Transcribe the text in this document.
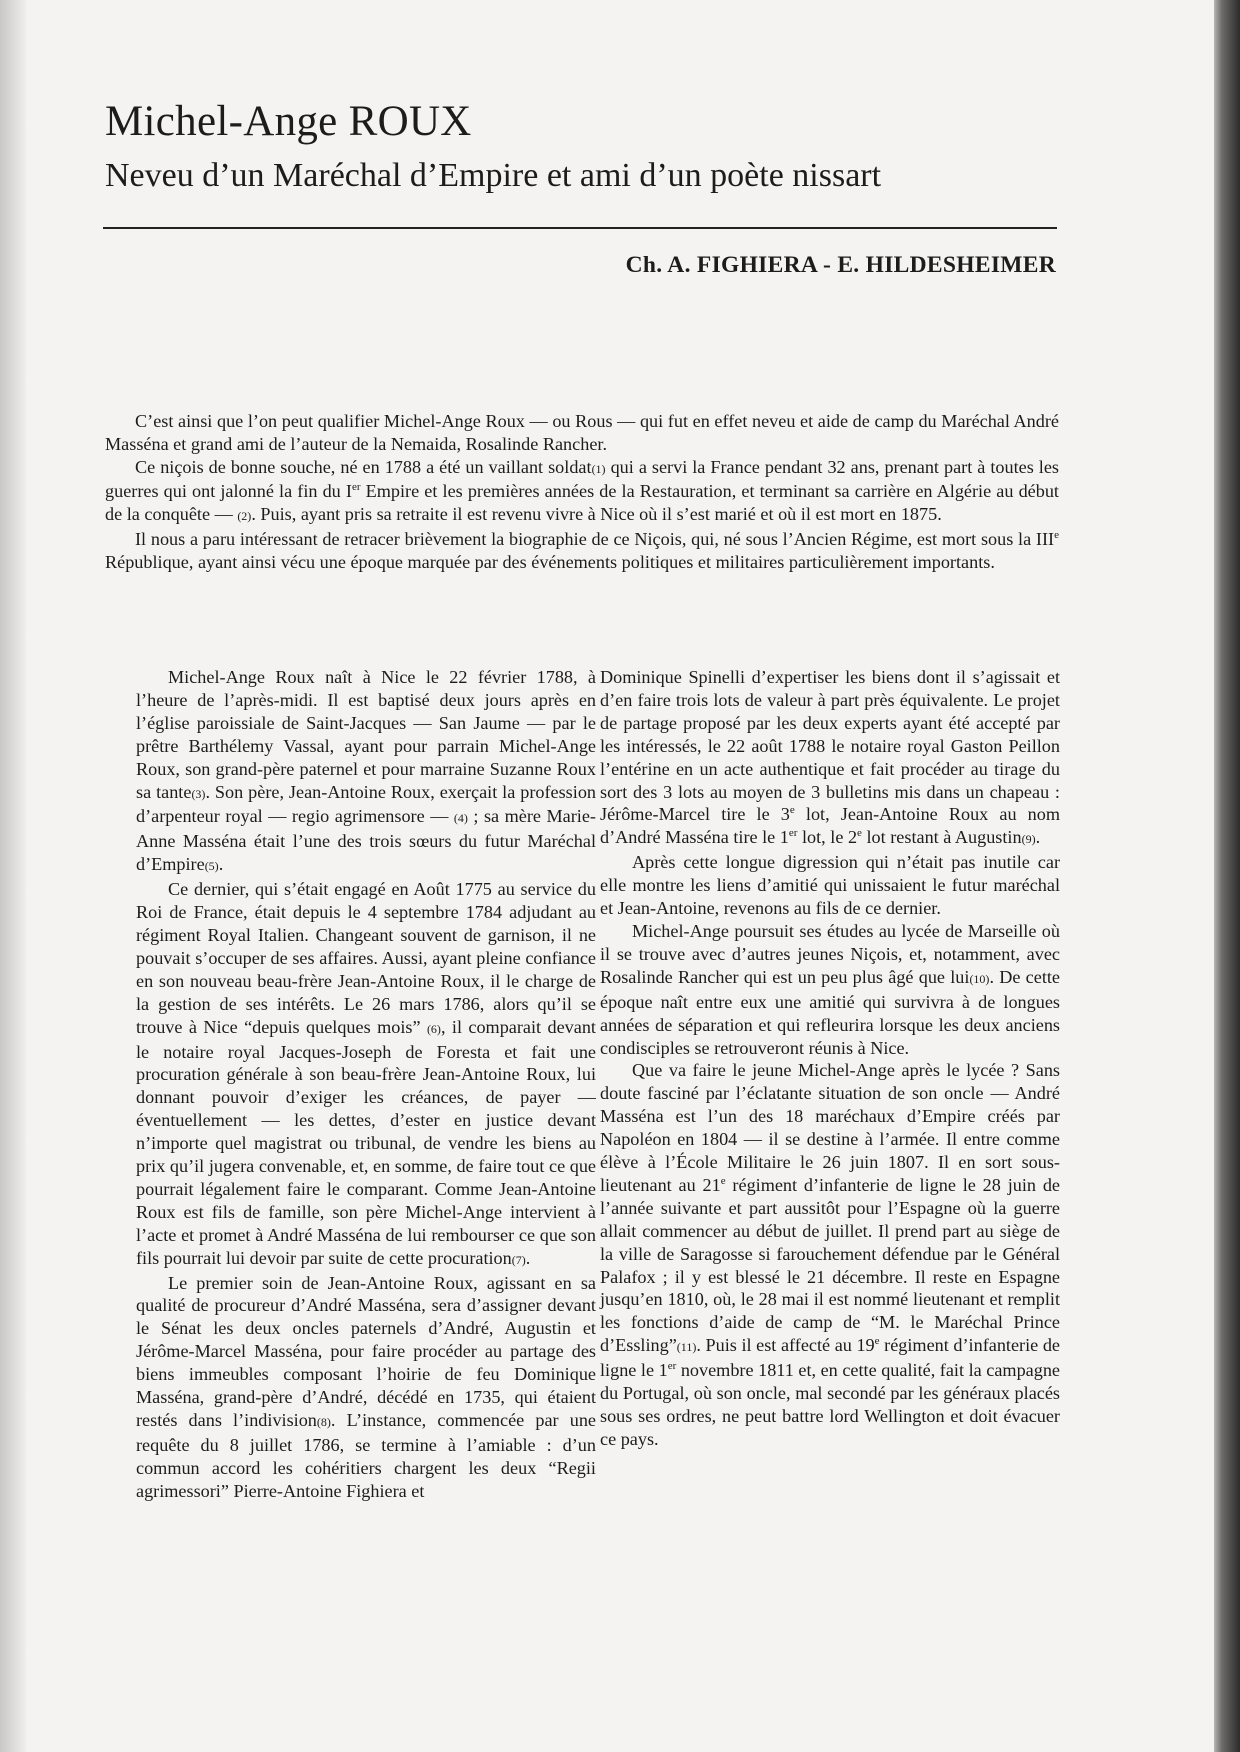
Michel-Ange ROUX
Neveu d’un Maréchal d’Empire et ami d’un poète nissart
Ch. A. FIGHIERA - E. HILDESHEIMER

C’est ainsi que l’on peut qualifier Michel-Ange Roux — ou Rous — qui fut en effet neveu et aide de camp du Maréchal André Masséna et grand ami de l’auteur de la Nemaida, Rosalinde Rancher.

Ce niçois de bonne souche, né en 1788 a été un vaillant soldat(1) qui a servi la France pendant 32 ans, prenant part à toutes les guerres qui ont jalonné la fin du Ier Empire et les premières années de la Restauration, et terminant sa carrière en Algérie au début de la conquête — (2). Puis, ayant pris sa retraite il est revenu vivre à Nice où il s’est marié et où il est mort en 1875.

Il nous a paru intéressant de retracer brièvement la biographie de ce Niçois, qui, né sous l’Ancien Régime, est mort sous la IIIe République, ayant ainsi vécu une époque marquée par des événements politiques et militaires particulièrement importants.

Michel-Ange Roux naît à Nice le 22 février 1788, à l’heure de l’après-midi. Il est baptisé deux jours après en l’église paroissiale de Saint-Jacques — San Jaume — par le prêtre Barthélemy Vassal, ayant pour parrain Michel-Ange Roux, son grand-père paternel et pour marraine Suzanne Roux sa tante(3). Son père, Jean-Antoine Roux, exerçait la profession d’arpenteur royal — regio agrimensore — (4) ; sa mère Marie-Anne Masséna était l’une des trois sœurs du futur Maréchal d’Empire(5).

Ce dernier, qui s’était engagé en Août 1775 au service du Roi de France, était depuis le 4 septembre 1784 adjudant au régiment Royal Italien. Changeant souvent de garnison, il ne pouvait s’occuper de ses affaires. Aussi, ayant pleine confiance en son nouveau beau-frère Jean-Antoine Roux, il le charge de la gestion de ses intérêts. Le 26 mars 1786, alors qu’il se trouve à Nice “depuis quelques mois” (6), il comparait devant le notaire royal Jacques-Joseph de Foresta et fait une procuration générale à son beau-frère Jean-Antoine Roux, lui donnant pouvoir d’exiger les créances, de payer — éventuellement — les dettes, d’ester en justice devant n’importe quel magistrat ou tribunal, de vendre les biens au prix qu’il jugera convenable, et, en somme, de faire tout ce que pourrait légalement faire le comparant. Comme Jean-Antoine Roux est fils de famille, son père Michel-Ange intervient à l’acte et promet à André Masséna de lui rembourser ce que son fils pourrait lui devoir par suite de cette procuration(7).

Le premier soin de Jean-Antoine Roux, agissant en sa qualité de procureur d’André Masséna, sera d’assigner devant le Sénat les deux oncles paternels d’André, Augustin et Jérôme-Marcel Masséna, pour faire procéder au partage des biens immeubles composant l’hoirie de feu Dominique Masséna, grand-père d’André, décédé en 1735, qui étaient restés dans l’indivision(8). L’instance, commencée par une requête du 8 juillet 1786, se termine à l’amiable : d’un commun accord les cohéritiers chargent les deux “Regii agrimessori” Pierre-Antoine Fighiera et

Dominique Spinelli d’expertiser les biens dont il s’agissait et d’en faire trois lots de valeur à part près équivalente. Le projet de partage proposé par les deux experts ayant été accepté par les intéressés, le 22 août 1788 le notaire royal Gaston Peillon l’entérine en un acte authentique et fait procéder au tirage du sort des 3 lots au moyen de 3 bulletins mis dans un chapeau : Jérôme-Marcel tire le 3e lot, Jean-Antoine Roux au nom d’André Masséna tire le 1er lot, le 2e lot restant à Augustin(9).

Après cette longue digression qui n’était pas inutile car elle montre les liens d’amitié qui unissaient le futur maréchal et Jean-Antoine, revenons au fils de ce dernier.

Michel-Ange poursuit ses études au lycée de Marseille où il se trouve avec d’autres jeunes Niçois, et, notamment, avec Rosalinde Rancher qui est un peu plus âgé que lui(10). De cette époque naît entre eux une amitié qui survivra à de longues années de séparation et qui refleurira lorsque les deux anciens condisciples se retrouveront réunis à Nice.

Que va faire le jeune Michel-Ange après le lycée ? Sans doute fasciné par l’éclatante situation de son oncle — André Masséna est l’un des 18 maréchaux d’Empire créés par Napoléon en 1804 — il se destine à l’armée. Il entre comme élève à l’École Militaire le 26 juin 1807. Il en sort sous-lieutenant au 21e régiment d’infanterie de ligne le 28 juin de l’année suivante et part aussitôt pour l’Espagne où la guerre allait commencer au début de juillet. Il prend part au siège de la ville de Saragosse si farouchement défendue par le Général Palafox ; il y est blessé le 21 décembre. Il reste en Espagne jusqu’en 1810, où, le 28 mai il est nommé lieutenant et remplit les fonctions d’aide de camp de “M. le Maréchal Prince d’Essling”(11). Puis il est affecté au 19e régiment d’infanterie de ligne le 1er novembre 1811 et, en cette qualité, fait la campagne du Portugal, où son oncle, mal secondé par les généraux placés sous ses ordres, ne peut battre lord Wellington et doit évacuer ce pays.
